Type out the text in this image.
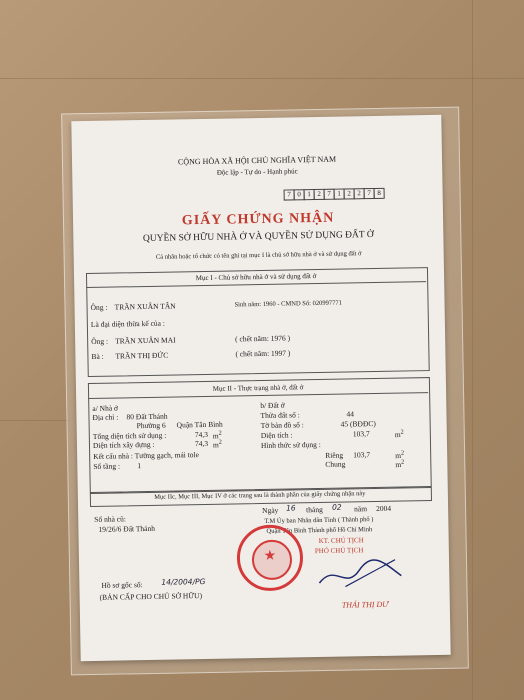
CỘNG HÒA XÃ HỘI CHỦ NGHĨA VIỆT NAM
Độc lập - Tự do - Hạnh phúc
7 0 1 2 7 1 2 2 7 8
GIẤY CHỨNG NHẬN
QUYỀN SỞ HỮU NHÀ Ở VÀ QUYỀN SỬ DỤNG ĐẤT Ở
Cá nhân hoặc tổ chức có tên ghi tại mục I là chủ sở hữu nhà ở và sử dụng đất ở
Mục I - Chủ sở hữu nhà ở và sử dụng đất ở
Ông : TRẦN XUÂN TÂN	Sinh năm: 1960 - CMND Số: 020997771
Là đại diện thừa kế của :
Ông : TRẦN XUÂN MAI	( chết năm: 1976 )
Bà : TRẦN THỊ ĐỨC	( chết năm: 1997 )
Mục II - Thực trạng nhà ở, đất ở
a/ Nhà ở
Địa chỉ : 80 Đất Thánh
Phường 6 Quận Tân Bình
Tổng diện tích sử dụng :	74,3 $m^2$
Diện tích xây dựng :	74,3 $m^2$
Kết cấu nhà : Tường gạch, mái tole
Số tầng : 1
b/ Đất ở
Thửa đất số :	44
Tờ bản đồ số :	45 (BĐĐC)
Diện tích :	103,7	$m^2$
Hình thức sử dụng :
Riêng 103,7	$m^2$
Chung	$m^2$
Mục IIc, Mục III, Mục IV ở các trang sau là thành phần của giấy chứng nhận này
Số nhà cũ:
19/26/6 Đất Thánh
Ngày 16 tháng 02 năm 2004
T.M Ủy ban Nhân dân Tỉnh ( Thành phố )
Quận Tân Bình Thành phố Hồ Chí Minh
KT. CHỦ TỊCH
PHÓ CHỦ TỊCH
★
THÁI THỊ DƯ
Hồ sơ gốc số: 14/2004/PG
(BẢN CẤP CHO CHỦ SỞ HỮU)
